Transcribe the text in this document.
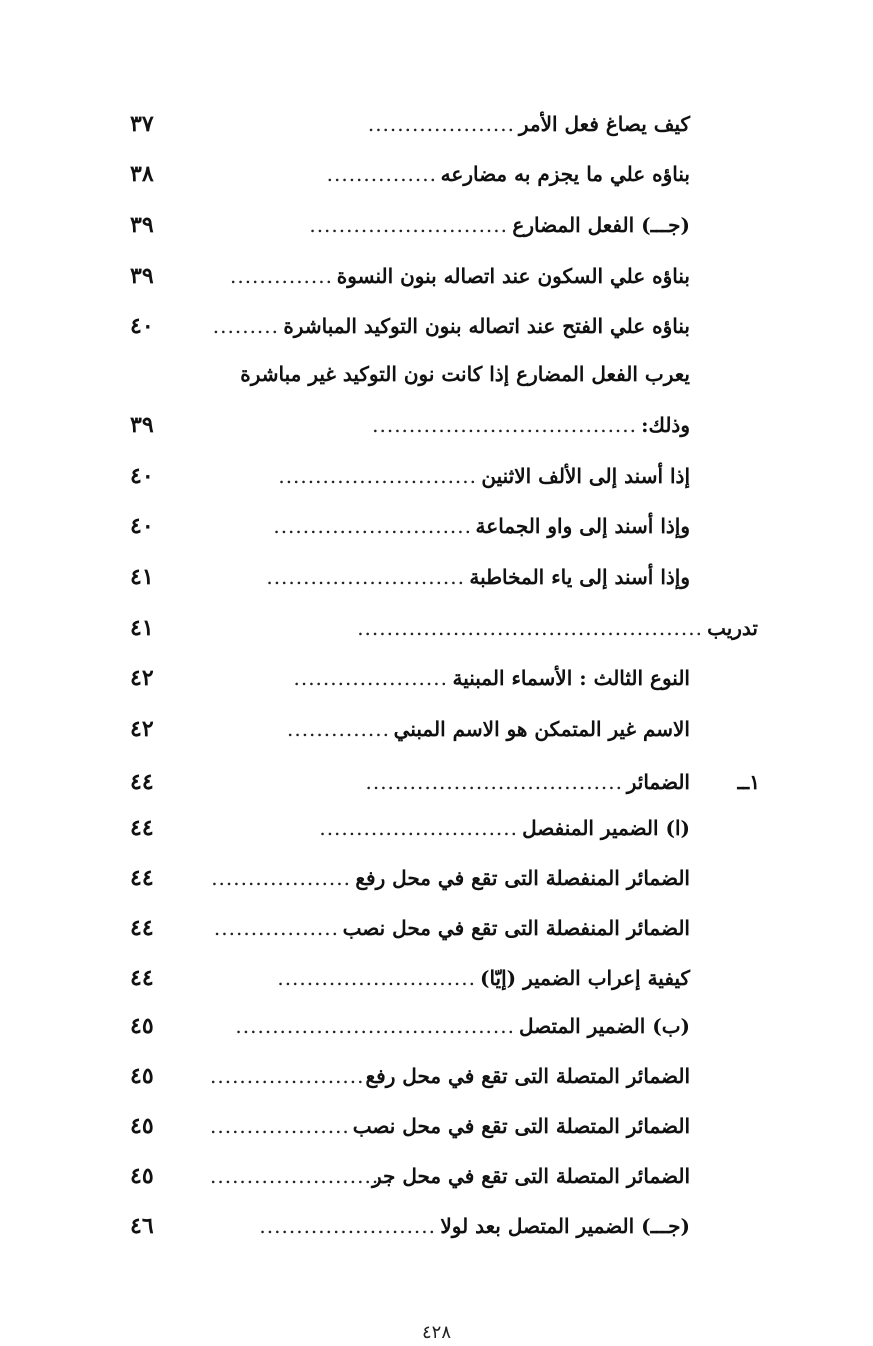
كيف يصاغ فعل الأمر
....................
٣٧
بناؤه علي ما يجزم به مضارعه
...............
٣٨
(جـــ) الفعل المضارع
...........................
٣٩
بناؤه علي السكون عند اتصاله بنون النسوة
..............
٣٩
بناؤه علي الفتح عند اتصاله بنون التوكيد المباشرة
.........
٤٠
يعرب الفعل المضارع إذا كانت نون التوكيد غير مباشرة
وذلك:
....................................
٣٩
إذا أسند إلى الألف الاثنين
...........................
٤٠
وإذا أسند إلى واو الجماعة
...........................
٤٠
وإذا أسند إلى ياء المخاطبة
...........................
٤١
تدريب
...............................................
٤١
النوع الثالث : الأسماء المبنية
.....................
٤٢
الاسم غير المتمكن هو الاسم المبني
..............
٤٢
١ــ
الضمائر
...................................
٤٤
(ا) الضمير المنفصل
...........................
٤٤
الضمائر المنفصلة التى تقع في محل رفع
...................
٤٤
الضمائر المنفصلة التى تقع في محل نصب
.................
٤٤
كيفية إعراب الضمير (إيّا)
...........................
٤٤
(ب) الضمير المتصل
......................................
٤٥
الضمائر المتصلة التى تقع في محل رفع
......................
٤٥
الضمائر المتصلة التى تقع في محل نصب
...................
٤٥
الضمائر المتصلة التى تقع في محل جر
.........................
٤٥
(جـــ) الضمير المتصل بعد لولا
........................
٤٦
٤٢٨
